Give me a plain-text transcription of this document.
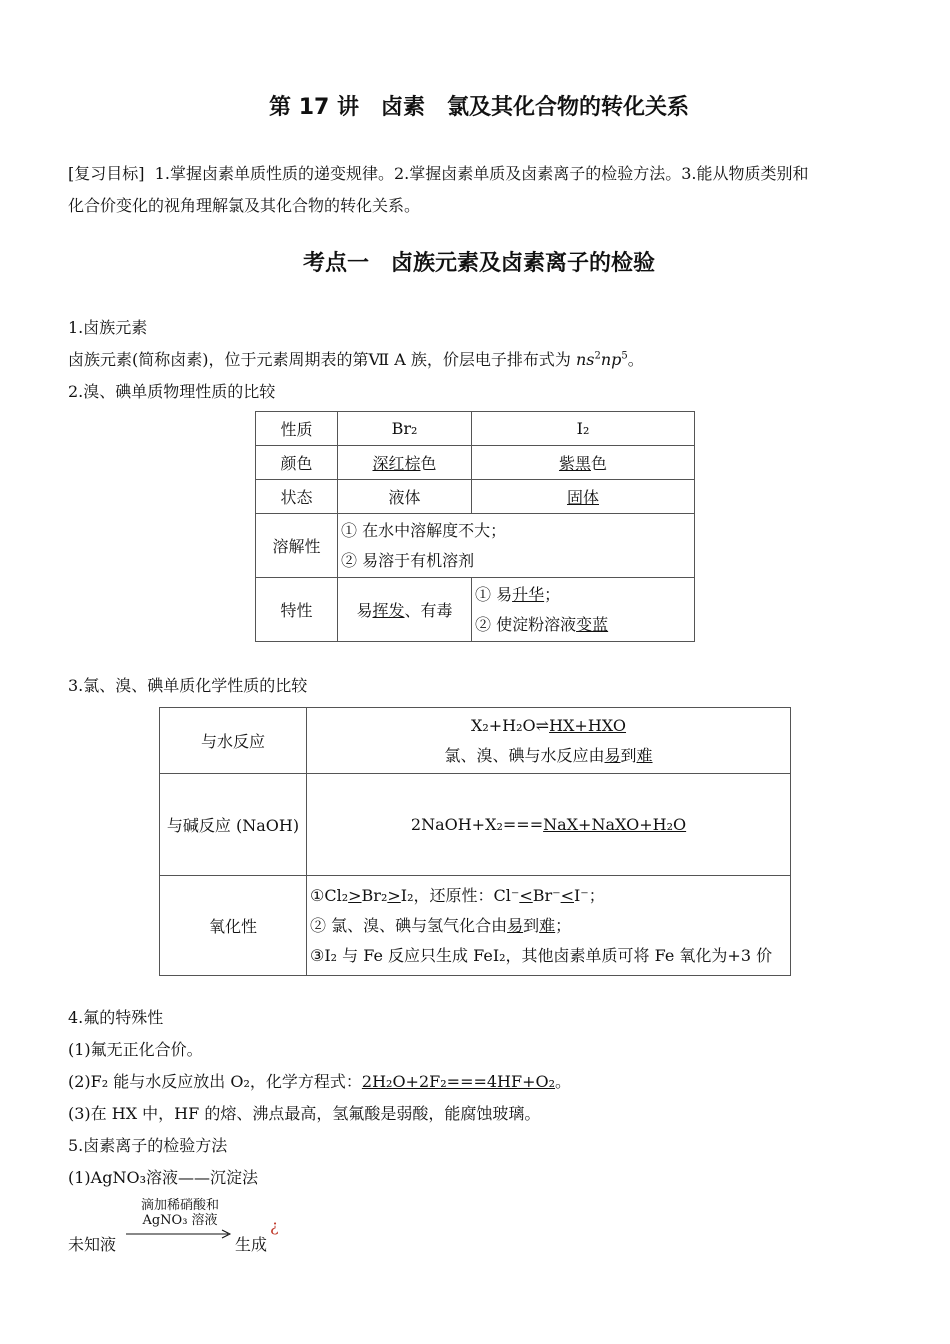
第 17 讲　卤素　氯及其化合物的转化关系
[复习目标] 1.掌握卤素单质性质的递变规律。2.掌握卤素单质及卤素离子的检验方法。3.能从物质类别和
化合价变化的视角理解氯及其化合物的转化关系。
考点一　卤族元素及卤素离子的检验
1.卤族元素
卤族元素(简称卤素)，位于元素周期表的第Ⅶ A 族，价层电子排布式为 $ns^2np^5$。
2.溴、碘单质物理性质的比较
性质	Br₂	I₂
颜色	深红棕色	紫黑色
状态	液体	固体
溶解性	① 在水中溶解度不大；
② 易溶于有机溶剂	

特性	易挥发、有毒	① 易升华；
② 使淀粉溶液变蓝
3.氯、溴、碘单质化学性质的比较
与水反应	X₂+H₂O⇌HX+HXO
氯、溴、碘与水反应由易到难

与碱反应 (NaOH)	2NaOH+X₂===NaX+NaXO+H₂O
氧化性	①Cl₂>Br₂>I₂，还原性：Cl⁻<Br⁻<I⁻；
② 氯、溴、碘与氢气化合由易到难；
③I₂ 与 Fe 反应只生成 FeI₂，其他卤素单质可将 Fe 氧化为+3 价
4.氟的特殊性
(1)氟无正化合价。
(2)F₂ 能与水反应放出 O₂，化学方程式：2H₂O+2F₂===4HF+O₂。
(3)在 HX 中，HF 的熔、沸点最高，氢氟酸是弱酸，能腐蚀玻璃。
5.卤素离子的检验方法
(1)AgNO₃溶液——沉淀法
滴加稀硝酸和
AgNO₃ 溶液
未知液	生成
¿
